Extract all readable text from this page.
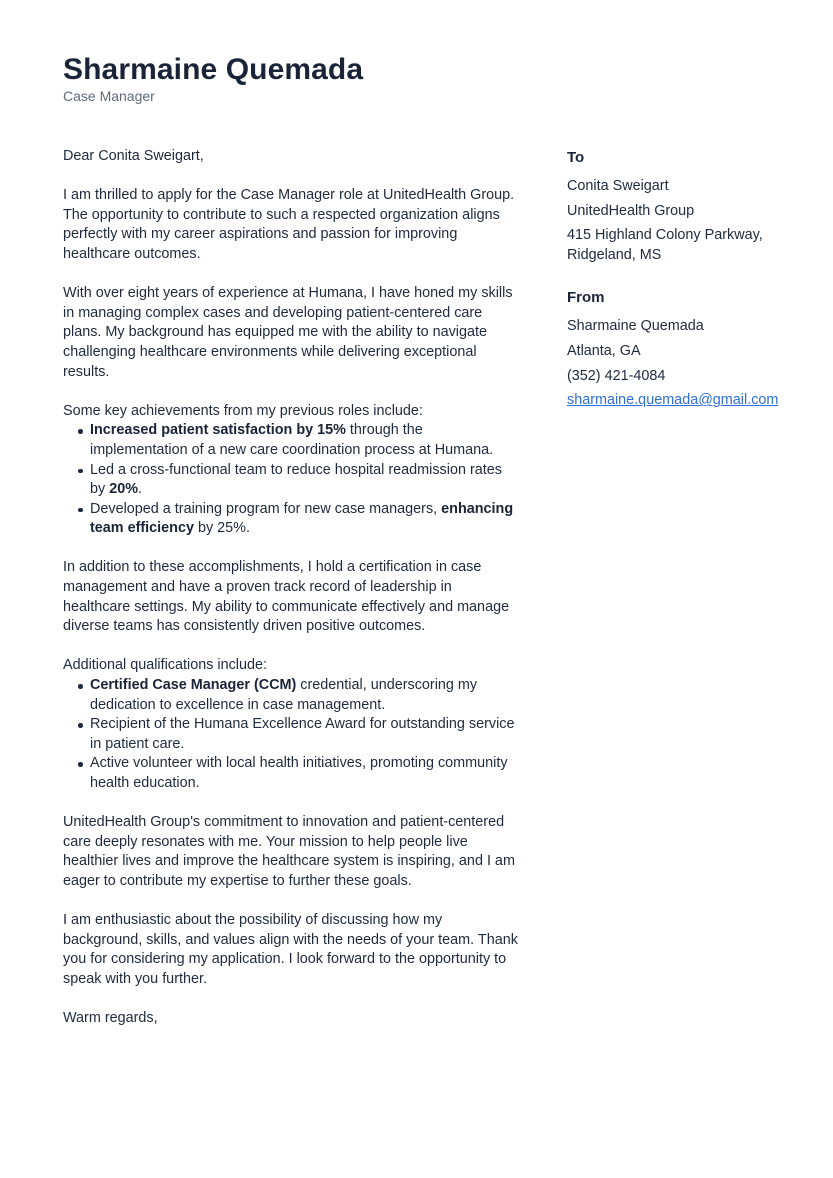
Sharmaine Quemada
Case Manager

Dear Conita Sweigart,

I am thrilled to apply for the Case Manager role at UnitedHealth Group. The opportunity to contribute to such a respected organization aligns perfectly with my career aspirations and passion for improving healthcare outcomes.

With over eight years of experience at Humana, I have honed my skills in managing complex cases and developing patient-centered care plans. My background has equipped me with the ability to navigate challenging healthcare environments while delivering exceptional results.

Some key achievements from my previous roles include:

Increased patient satisfaction by 15% through the implementation of a new care coordination process at Humana.
Led a cross-functional team to reduce hospital readmission rates by 20%.
Developed a training program for new case managers, enhancing team efficiency by 25%.

In addition to these accomplishments, I hold a certification in case management and have a proven track record of leadership in healthcare settings. My ability to communicate effectively and manage diverse teams has consistently driven positive outcomes.

Additional qualifications include:

Certified Case Manager (CCM) credential, underscoring my dedication to excellence in case management.
Recipient of the Humana Excellence Award for outstanding service in patient care.
Active volunteer with local health initiatives, promoting community health education.

UnitedHealth Group's commitment to innovation and patient-centered care deeply resonates with me. Your mission to help people live healthier lives and improve the healthcare system is inspiring, and I am eager to contribute my expertise to further these goals.

I am enthusiastic about the possibility of discussing how my background, skills, and values align with the needs of your team. Thank you for considering my application. I look forward to the opportunity to speak with you further.

Warm regards,

To
Conita Sweigart
UnitedHealth Group
415 Highland Colony Parkway, Ridgeland, MS
From
Sharmaine Quemada
Atlanta, GA
(352) 421-4084
sharmaine.quemada@gmail.com
